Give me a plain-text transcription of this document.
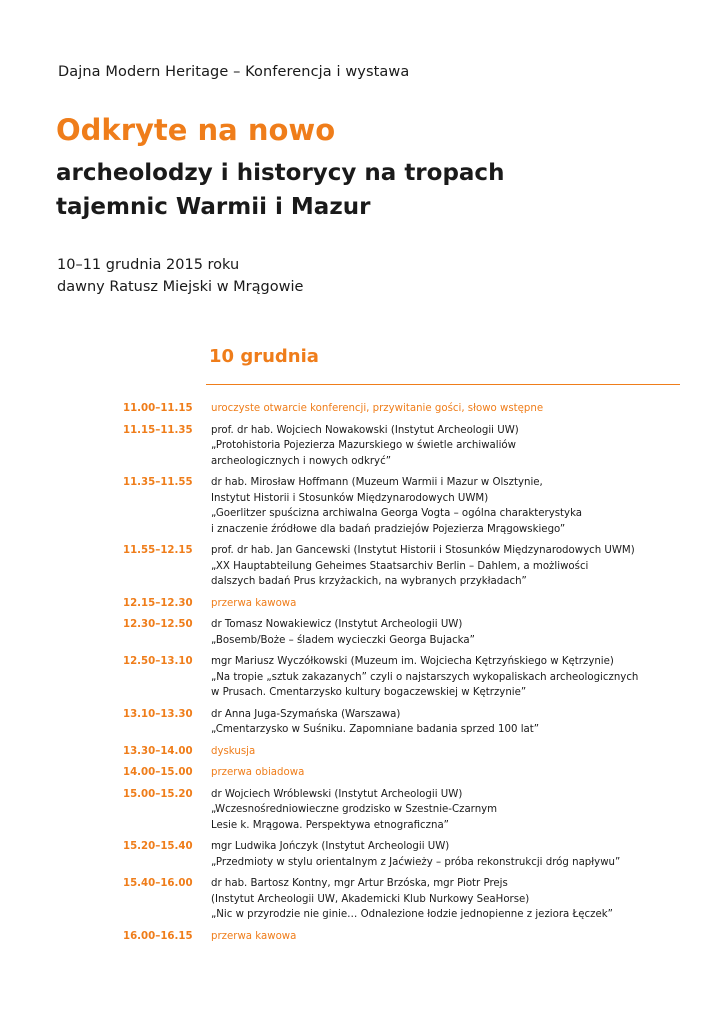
Dajna Modern Heritage – Konferencja i wystawa
Odkryte na nowo
archeolodzy i historycy na tropach
tajemnic Warmii i Mazur
10–11 grudnia 2015 roku
dawny Ratusz Miejski w Mrągowie
10 grudnia
11.00–11.15	uroczyste otwarcie konferencji, przywitanie gości, słowo wstępne
11.15–11.35	prof. dr hab. Wojciech Nowakowski (Instytut Archeologii UW)
„Protohistoria Pojezierza Mazurskiego w świetle archiwaliów
archeologicznych i nowych odkryć”
11.35–11.55	dr hab. Mirosław Hoffmann (Muzeum Warmii i Mazur w Olsztynie,
Instytut Historii i Stosunków Międzynarodowych UWM)
„Goerlitzer spuścizna archiwalna Georga Vogta – ogólna charakterystyka
i znaczenie źródłowe dla badań pradziejów Pojezierza Mrągowskiego”
11.55–12.15	prof. dr hab. Jan Gancewski (Instytut Historii i Stosunków Międzynarodowych UWM)
„XX Hauptabteilung Geheimes Staatsarchiv Berlin – Dahlem, a możliwości
dalszych badań Prus krzyżackich, na wybranych przykładach”
12.15–12.30	przerwa kawowa
12.30–12.50	dr Tomasz Nowakiewicz (Instytut Archeologii UW)
„Bosemb/Boże – śladem wycieczki Georga Bujacka”
12.50–13.10	mgr Mariusz Wyczółkowski (Muzeum im. Wojciecha Kętrzyńskiego w Kętrzynie)
„Na tropie „sztuk zakazanych” czyli o najstarszych wykopaliskach archeologicznych
w Prusach. Cmentarzysko kultury bogaczewskiej w Kętrzynie”
13.10–13.30	dr Anna Juga-Szymańska (Warszawa)
„Cmentarzysko w Suśniku. Zapomniane badania sprzed 100 lat”
13.30–14.00	dyskusja
14.00–15.00	przerwa obiadowa
15.00–15.20	dr Wojciech Wróblewski (Instytut Archeologii UW)
„Wczesnośredniowieczne grodzisko w Szestnie-Czarnym
Lesie k. Mrągowa. Perspektywa etnograficzna”
15.20–15.40	mgr Ludwika Jończyk (Instytut Archeologii UW)
„Przedmioty w stylu orientalnym z Jaćwieży – próba rekonstrukcji dróg napływu”
15.40–16.00	dr hab. Bartosz Kontny, mgr Artur Brzóska, mgr Piotr Prejs
(Instytut Archeologii UW, Akademicki Klub Nurkowy SeaHorse)
„Nic w przyrodzie nie ginie… Odnalezione łodzie jednopienne z jeziora Łęczek”
16.00–16.15	przerwa kawowa
